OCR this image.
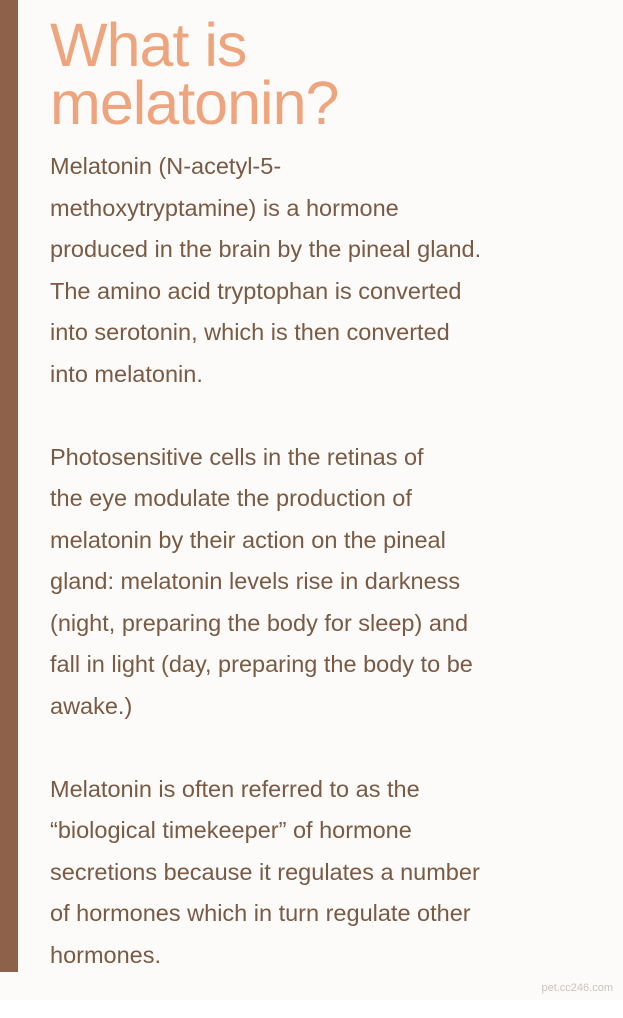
What is
melatonin?

Melatonin (N-acetyl-5-
methoxytryptamine) is a hormone
produced in the brain by the pineal gland.
The amino acid tryptophan is converted
into serotonin, which is then converted
into melatonin.

Photosensitive cells in the retinas of
the eye modulate the production of
melatonin by their action on the pineal
gland: melatonin levels rise in darkness
(night, preparing the body for sleep) and
fall in light (day, preparing the body to be
awake.)

Melatonin is often referred to as the
“biological timekeeper” of hormone
secretions because it regulates a number
of hormones which in turn regulate other
hormones.

pet.cc246.com
